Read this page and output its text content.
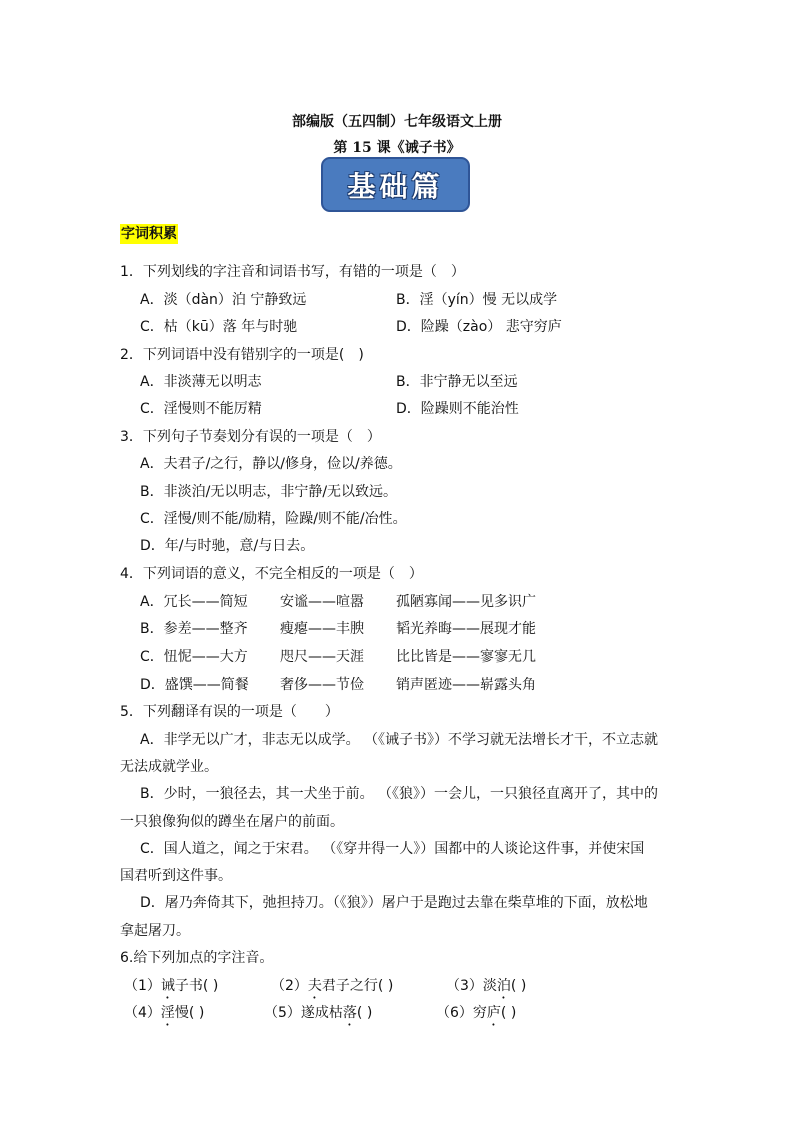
部编版（五四制）七年级语文上册
第 15 课《诫子书》
基础篇
字词积累
1．下列划线的字注音和词语书写，有错的一项是（　）
A．淡（dàn）泊 宁静致远	B．淫（yín）慢 无以成学
C．枯（kū）落 年与时驰	D．险躁（zào） 悲守穷庐
2．下列词语中没有错别字的一项是(　)
A．非淡薄无以明志	B．非宁静无以至远
C．淫慢则不能厉精	D．险躁则不能治性
3．下列句子节奏划分有误的一项是（　）
A．夫君子/之行，静以/修身，俭以/养德。
B．非淡泊/无以明志，非宁静/无以致远。
C．淫慢/则不能/励精，险躁/则不能/冶性。
D．年/与时驰，意/与日去。
4．下列词语的意义，不完全相反的一项是（　）
A．冗长——简短 安谧——喧嚣 孤陋寡闻——见多识广
B．参差——整齐 瘦瘪——丰腴 韬光养晦——展现才能
C．忸怩——大方 咫尺——天涯 比比皆是——寥寥无几
D．盛馔——简餐 奢侈——节俭 销声匿迹——崭露头角
5．下列翻译有误的一项是（　　）
A．非学无以广才，非志无以成学。 （《诫子书》）不学习就无法增长才干，不立志就
无法成就学业。
B．少时，一狼径去，其一犬坐于前。 （《狼》）一会儿，一只狼径直离开了，其中的
一只狼像狗似的蹲坐在屠户的前面。
C．国人道之，闻之于宋君。 （《穿井得一人》）国都中的人谈论这件事，并使宋国
国君听到这件事。
D．屠乃奔倚其下，弛担持刀。（《狼》）屠户于是跑过去靠在柴草堆的下面，放松地
拿起屠刀。
6.给下列加点的字注音。
（1）诫子书( )	（2）夫君子之行( )	（3）淡泊( )
（4）淫慢( )	（5）遂成枯落( )	（6）穷庐( )
